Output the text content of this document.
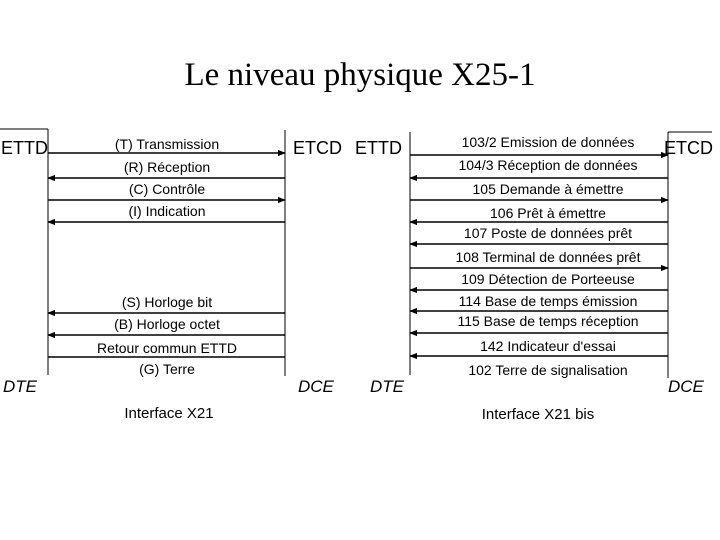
Le niveau physique X25-1
ETTD	ETCD
DTE	DCE
Interface X21
(T) Transmission
(R) Réception
(C) Contrôle
(I) Indication
(S) Horloge bit
(B) Horloge octet
Retour commun ETTD
(G) Terre
ETTD	ETCD
DTE	DCE
Interface X21 bis
103/2 Emission de données
104/3 Réception de données
105 Demande à émettre
106 Prêt à émettre
107 Poste de données prêt
108 Terminal de données prêt
109 Détection de Porteeuse
114 Base de temps émission
115 Base de temps réception
142 Indicateur d'essai
102 Terre de signalisation
